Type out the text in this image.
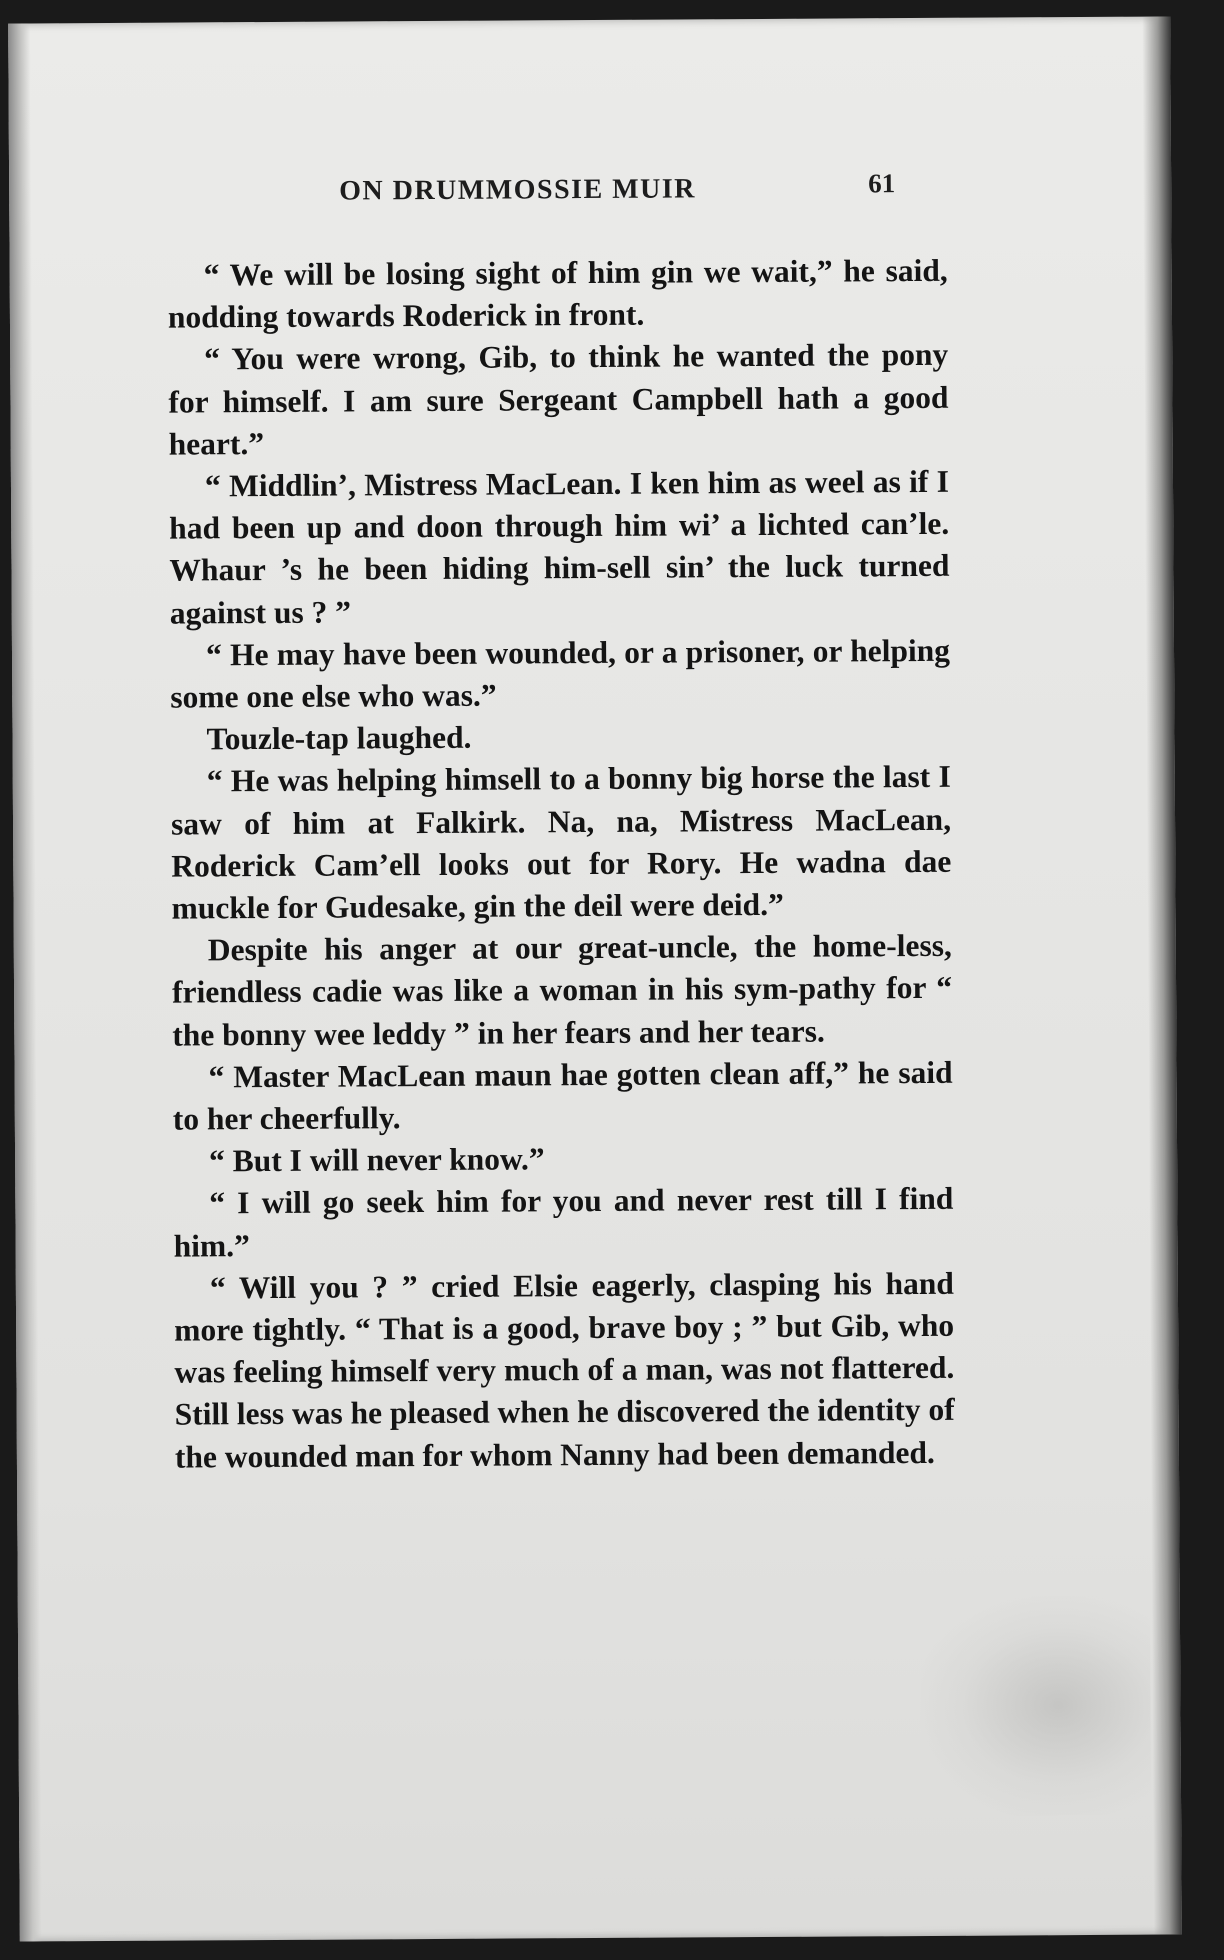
ON DRUMMOSSIE MUIR	61

“ We will be losing sight of him gin we wait,” he said, nodding towards Roderick in front.

“ You were wrong, Gib, to think he wanted the pony for himself. I am sure Sergeant Campbell hath a good heart.”

“ Middlin’, Mistress MacLean. I ken him as weel as if I had been up and doon through him wi’ a lichted can’le. Whaur ’s he been hiding him-sell sin’ the luck turned against us ? ”

“ He may have been wounded, or a prisoner, or helping some one else who was.”

Touzle-tap laughed.

“ He was helping himsell to a bonny big horse the last I saw of him at Falkirk. Na, na, Mistress MacLean, Roderick Cam’ell looks out for Rory. He wadna dae muckle for Gudesake, gin the deil were deid.”

Despite his anger at our great-uncle, the home-less, friendless cadie was like a woman in his sym-pathy for “ the bonny wee leddy ” in her fears and her tears.

“ Master MacLean maun hae gotten clean aff,” he said to her cheerfully.

“ But I will never know.”

“ I will go seek him for you and never rest till I find him.”

“ Will you ? ” cried Elsie eagerly, clasping his hand more tightly. “ That is a good, brave boy ; ” but Gib, who was feeling himself very much of a man, was not flattered. Still less was he pleased when he discovered the identity of the wounded man for whom Nanny had been demanded.
